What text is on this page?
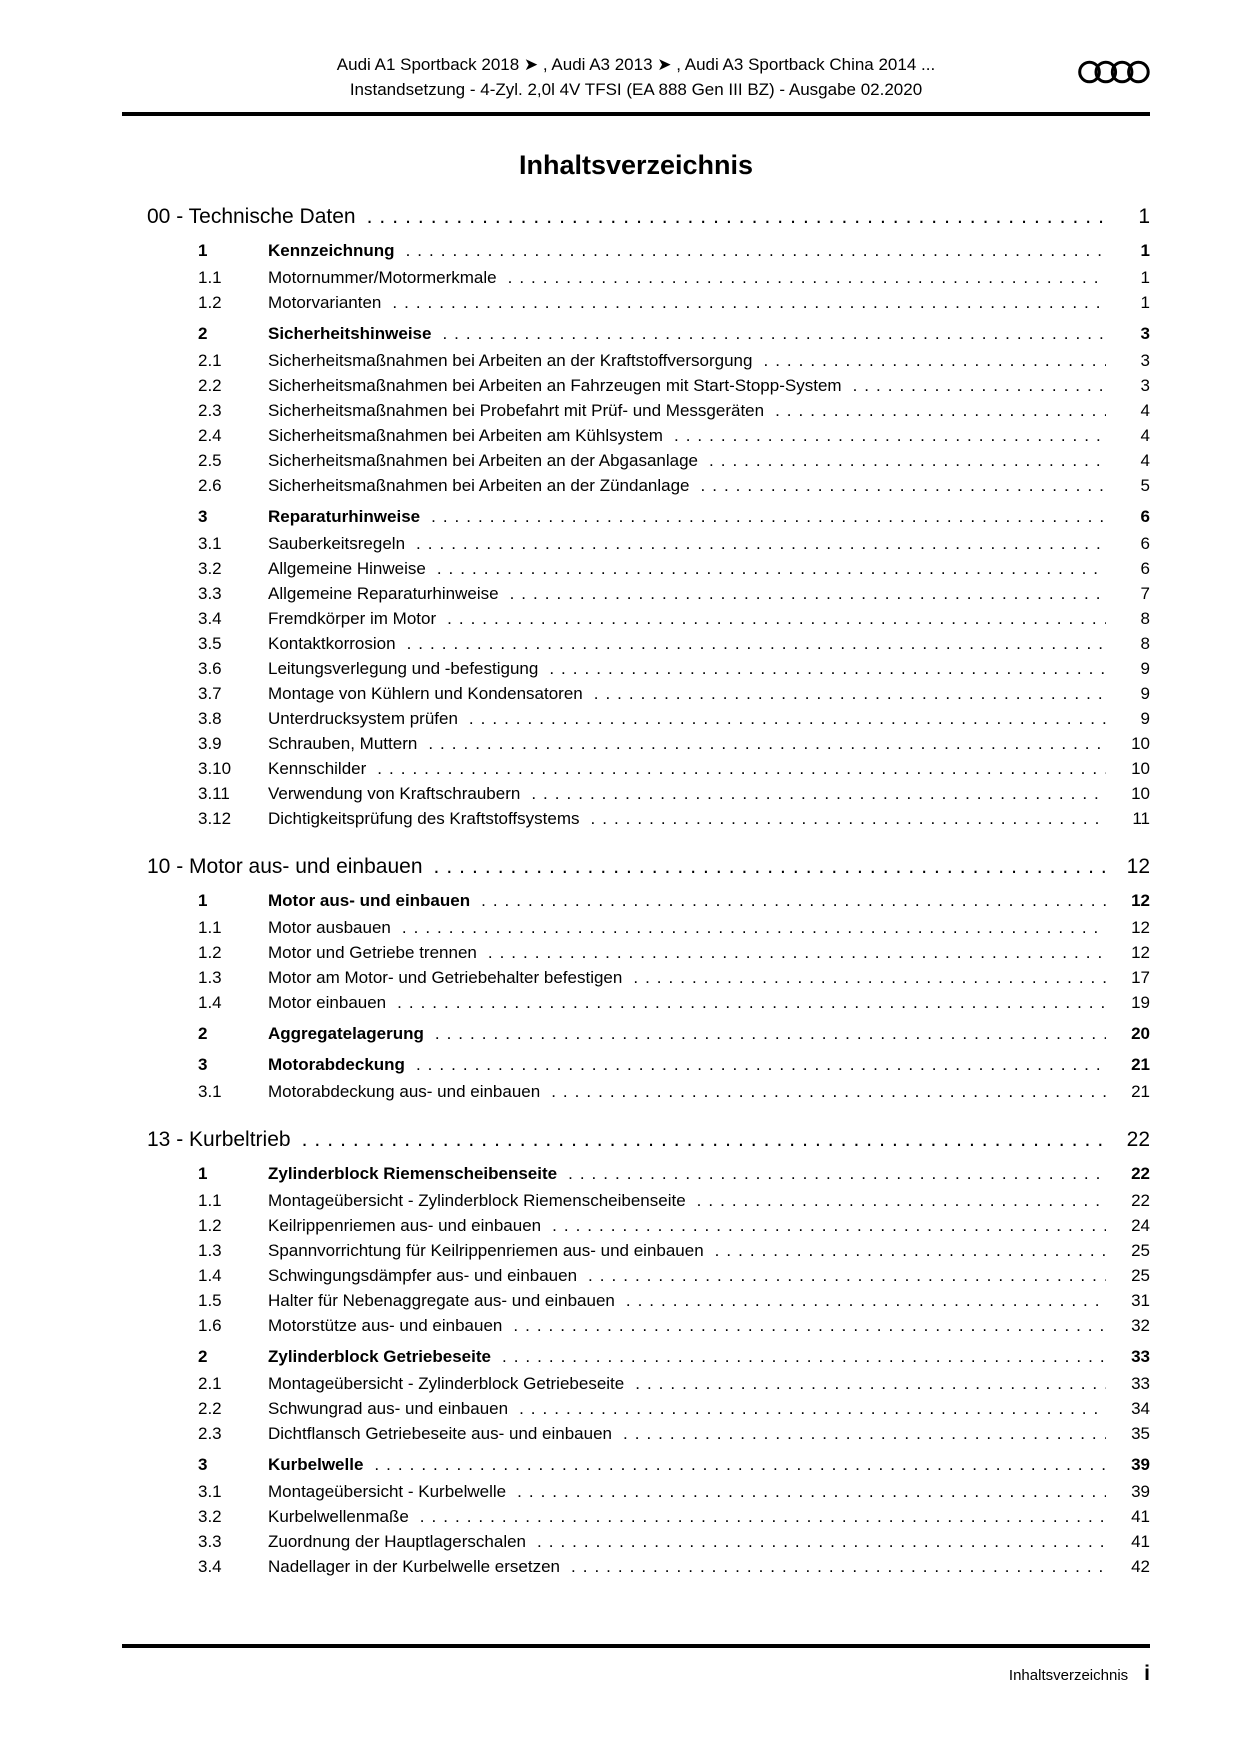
Audi A1 Sportback 2018 ➤ , Audi A3 2013 ➤ , Audi A3 Sportback China 2014 ...
Instandsetzung - 4-Zyl. 2,0l 4V TFSI (EA 888 Gen III BZ) - Ausgabe 02.2020
Inhaltsverzeichnis
00 - Technische Daten .....	1
1	Kennzeichnung .....	1
1.1	Motornummer/Motormerkmale .....	1
1.2	Motorvarianten .....	1
2	Sicherheitshinweise .....	3
2.1	Sicherheitsmaßnahmen bei Arbeiten an der Kraftstoffversorgung .....	3
2.2	Sicherheitsmaßnahmen bei Arbeiten an Fahrzeugen mit Start-Stopp-System .....	3
2.3	Sicherheitsmaßnahmen bei Probefahrt mit Prüf- und Messgeräten .....	4
2.4	Sicherheitsmaßnahmen bei Arbeiten am Kühlsystem .....	4
2.5	Sicherheitsmaßnahmen bei Arbeiten an der Abgasanlage .....	4
2.6	Sicherheitsmaßnahmen bei Arbeiten an der Zündanlage .....	5
3	Reparaturhinweise .....	6
3.1	Sauberkeitsregeln .....	6
3.2	Allgemeine Hinweise .....	6
3.3	Allgemeine Reparaturhinweise .....	7
3.4	Fremdkörper im Motor .....	8
3.5	Kontaktkorrosion .....	8
3.6	Leitungsverlegung und -befestigung .....	9
3.7	Montage von Kühlern und Kondensatoren .....	9
3.8	Unterdrucksystem prüfen .....	9
3.9	Schrauben, Muttern .....	10
3.10	Kennschilder .....	10
3.11	Verwendung von Kraftschraubern .....	10
3.12	Dichtigkeitsprüfung des Kraftstoffsystems .....	11
10 - Motor aus- und einbauen .....	12
1	Motor aus- und einbauen .....	12
1.1	Motor ausbauen .....	12
1.2	Motor und Getriebe trennen .....	12
1.3	Motor am Motor- und Getriebehalter befestigen .....	17
1.4	Motor einbauen .....	19
2	Aggregatelagerung .....	20
3	Motorabdeckung .....	21
3.1	Motorabdeckung aus- und einbauen .....	21
13 - Kurbeltrieb .....	22
1	Zylinderblock Riemenscheibenseite .....	22
1.1	Montageübersicht - Zylinderblock Riemenscheibenseite .....	22
1.2	Keilrippenriemen aus- und einbauen .....	24
1.3	Spannvorrichtung für Keilrippenriemen aus- und einbauen .....	25
1.4	Schwingungsdämpfer aus- und einbauen .....	25
1.5	Halter für Nebenaggregate aus- und einbauen .....	31
1.6	Motorstütze aus- und einbauen .....	32
2	Zylinderblock Getriebeseite .....	33
2.1	Montageübersicht - Zylinderblock Getriebeseite .....	33
2.2	Schwungrad aus- und einbauen .....	34
2.3	Dichtflansch Getriebeseite aus- und einbauen .....	35
3	Kurbelwelle .....	39
3.1	Montageübersicht - Kurbelwelle .....	39
3.2	Kurbelwellenmaße .....	41
3.3	Zuordnung der Hauptlagerschalen .....	41
3.4	Nadellager in der Kurbelwelle ersetzen .....	42
Inhaltsverzeichnis i
